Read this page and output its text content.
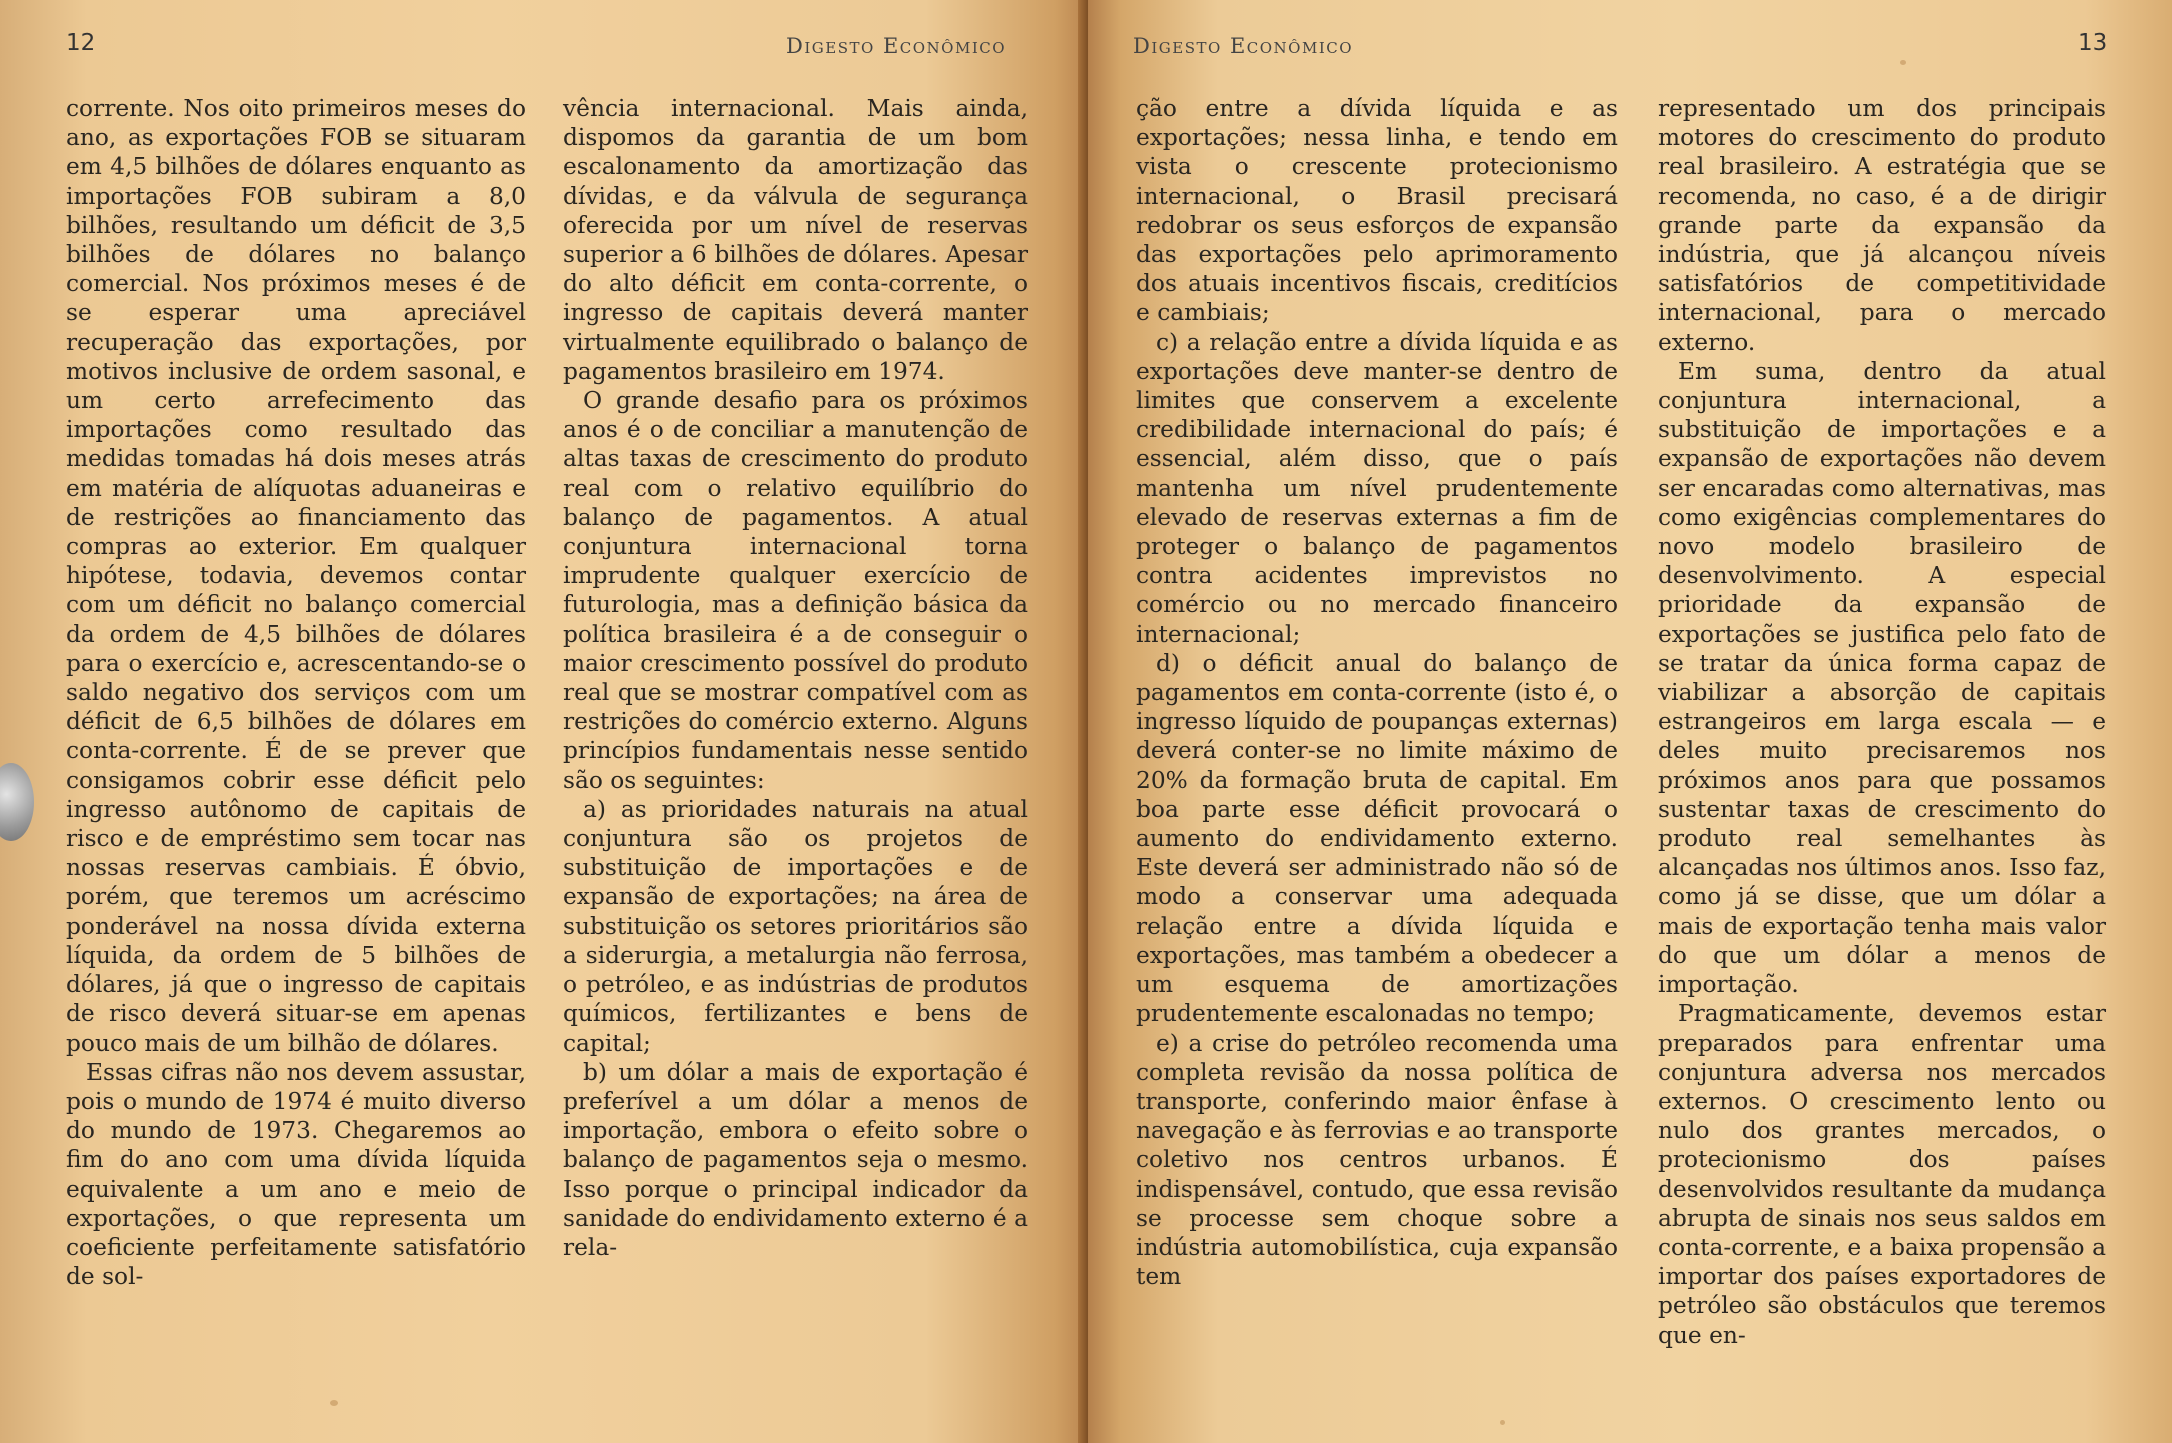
12	Digesto Econômico

corrente. Nos oito primeiros meses do ano, as exportações FOB se situaram em 4,5 bilhões de dólares enquanto as importações FOB subiram a 8,0 bilhões, resultando um déficit de 3,5 bilhões de dólares no balanço comercial. Nos próximos meses é de se esperar uma apreciável recuperação das exportações, por motivos inclusive de ordem sasonal, e um certo arrefecimento das importações como resultado das medidas tomadas há dois meses atrás em matéria de alíquotas aduaneiras e de restrições ao financiamento das compras ao exterior. Em qualquer hipótese, todavia, devemos contar com um déficit no balanço comercial da ordem de 4,5 bilhões de dólares para o exercício e, acrescentando-se o saldo negativo dos serviços com um déficit de 6,5 bilhões de dólares em conta-corrente. É de se prever que consigamos cobrir esse déficit pelo ingresso autônomo de capitais de risco e de empréstimo sem tocar nas nossas reservas cambiais. É óbvio, porém, que teremos um acréscimo ponderável na nossa dívida externa líquida, da ordem de 5 bilhões de dólares, já que o ingresso de capitais de risco deverá situar-se em apenas pouco mais de um bilhão de dólares.

Essas cifras não nos devem assustar, pois o mundo de 1974 é muito diverso do mundo de 1973. Chegaremos ao fim do ano com uma dívida líquida equivalente a um ano e meio de exportações, o que representa um coeficiente perfeitamente satisfatório de sol-

vência internacional. Mais ainda, dispomos da garantia de um bom escalonamento da amortização das dívidas, e da válvula de segurança oferecida por um nível de reservas superior a 6 bilhões de dólares. Apesar do alto déficit em conta-corrente, o ingresso de capitais deverá manter virtualmente equilibrado o balanço de pagamentos brasileiro em 1974.

O grande desafio para os próximos anos é o de conciliar a manutenção de altas taxas de crescimento do produto real com o relativo equilíbrio do balanço de pagamentos. A atual conjuntura internacional torna imprudente qualquer exercício de futurologia, mas a definição básica da política brasileira é a de conseguir o maior crescimento possível do produto real que se mostrar compatível com as restrições do comércio externo. Alguns princípios fundamentais nesse sentido são os seguintes:

a) as prioridades naturais na atual conjuntura são os projetos de substituição de importações e de expansão de exportações; na área de substituição os setores prioritários são a siderurgia, a metalurgia não ferrosa, o petróleo, e as indústrias de produtos químicos, fertilizantes e bens de capital;

b) um dólar a mais de exportação é preferível a um dólar a menos de importação, embora o efeito sobre o balanço de pagamentos seja o mesmo. Isso porque o principal indicador da sanidade do endividamento externo é a rela-

Digesto Econômico	13

ção entre a dívida líquida e as exportações; nessa linha, e tendo em vista o crescente protecionismo internacional, o Brasil precisará redobrar os seus esforços de expansão das exportações pelo aprimoramento dos atuais incentivos fiscais, creditícios e cambiais;

c) a relação entre a dívida líquida e as exportações deve manter-se dentro de limites que conservem a excelente credibilidade internacional do país; é essencial, além disso, que o país mantenha um nível prudentemente elevado de reservas externas a fim de proteger o balanço de pagamentos contra acidentes imprevistos no comércio ou no mercado financeiro internacional;

d) o déficit anual do balanço de pagamentos em conta-corrente (isto é, o ingresso líquido de poupanças externas) deverá conter-se no limite máximo de 20% da formação bruta de capital. Em boa parte esse déficit provocará o aumento do endividamento externo. Este deverá ser administrado não só de modo a conservar uma adequada relação entre a dívida líquida e exportações, mas também a obedecer a um esquema de amortizações prudentemente escalonadas no tempo;

e) a crise do petróleo recomenda uma completa revisão da nossa política de transporte, conferindo maior ênfase à navegação e às ferrovias e ao transporte coletivo nos centros urbanos. É indispensável, contudo, que essa revisão se processe sem choque sobre a indústria automobilística, cuja expansão tem

representado um dos principais motores do crescimento do produto real brasileiro. A estratégia que se recomenda, no caso, é a de dirigir grande parte da expansão da indústria, que já alcançou níveis satisfatórios de competitividade internacional, para o mercado externo.

Em suma, dentro da atual conjuntura internacional, a substituição de importações e a expansão de exportações não devem ser encaradas como alternativas, mas como exigências complementares do novo modelo brasileiro de desenvolvimento. A especial prioridade da expansão de exportações se justifica pelo fato de se tratar da única forma capaz de viabilizar a absorção de capitais estrangeiros em larga escala — e deles muito precisaremos nos próximos anos para que possamos sustentar taxas de crescimento do produto real semelhantes às alcançadas nos últimos anos. Isso faz, como já se disse, que um dólar a mais de exportação tenha mais valor do que um dólar a menos de importação.

Pragmaticamente, devemos estar preparados para enfrentar uma conjuntura adversa nos mercados externos. O crescimento lento ou nulo dos grantes mercados, o protecionismo dos países desenvolvidos resultante da mudança abrupta de sinais nos seus saldos em conta-corrente, e a baixa propensão a importar dos países exportadores de petróleo são obstáculos que teremos que en-
